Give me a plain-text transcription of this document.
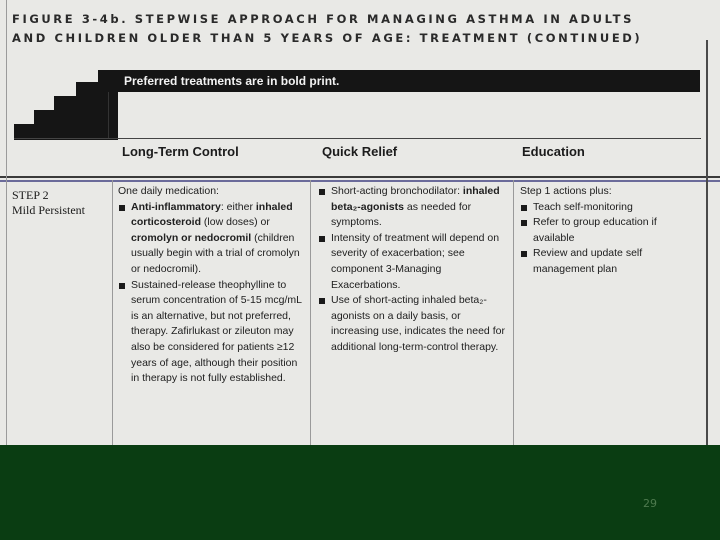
FIGURE 3-4b. STEPWISE APPROACH FOR MANAGING ASTHMA IN ADULTS
AND CHILDREN OLDER THAN 5 YEARS OF AGE: TREATMENT (CONTINUED)
Preferred treatments are in bold print.
Long-Term Control	Quick Relief	Education
STEP 2
Mild Persistent

One daily medication:

Anti-inflammatory: either inhaled corticosteroid (low doses) or cromolyn or nedocromil (children usually begin with a trial of cromolyn or nedocromil).
Sustained-release theophylline to serum concentration of 5-15 mcg/mL is an alternative, but not preferred, therapy. Zafirlukast or zileuton may also be considered for patients ≥12 years of age, although their position in therapy is not fully established.
Short-acting bronchodilator: inhaled beta₂-agonists as needed for symptoms.
Intensity of treatment will depend on severity of exacerbation; see component 3-Managing Exacerbations.
Use of short-acting inhaled beta₂-agonists on a daily basis, or increasing use, indicates the need for additional long-term-control therapy.

Step 1 actions plus:

Teach self-monitoring
Refer to group education if available
Review and update self management plan
29
